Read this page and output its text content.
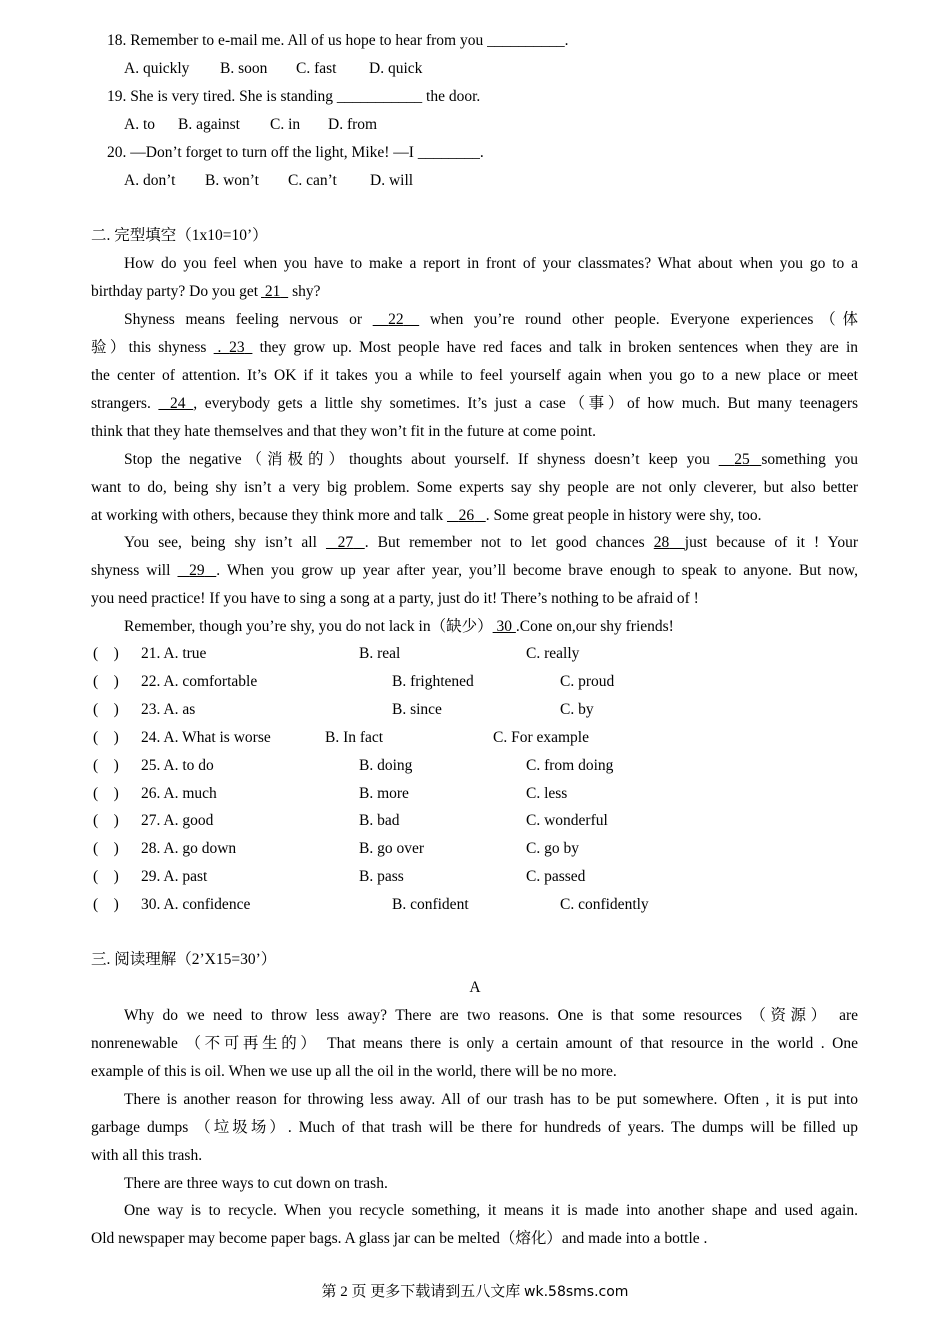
18. Remember to e-mail me. All of us hope to hear from you __________.
A. quickly B. soon C. fast D. quick
19. She is very tired. She is standing ___________ the door.
A. to B. against C. in D. from
20. —Don’t forget to turn off the light, Mike! —I ________.
A. don’t B. won’t C. can’t D. will
二. 完型填空（1x10=10’）
How do you feel when you have to make a report in front of your classmates? What about when you go to a
birthday party? Do you get 21 shy?
Shyness means feeling nervous or 22 when you’re round other people. Everyone experiences（体
验）this shyness  .  23 they grow up. Most people have red faces and talk in broken sentences when they are in
the center of attention. It’s OK if it takes you a while to feel yourself again when you go to a new place or meet
strangers. 24 , everybody gets a little shy sometimes. It’s just a case（事）of how much. But many teenagers
think that they hate themselves and that they won’t fit in the future at come point.
Stop the negative（消极的）thoughts about yourself. If shyness doesn’t keep you 25 something you
want to do, being shy isn’t a very big problem. Some experts say shy people are not only cleverer, but also better
at working with others, because they think more and talk 26 . Some great people in history were shy, too.
You see, being shy isn’t all 27 . But remember not to let good chances 28 just because of it ! Your
shyness will 29 . When you grow up year after year, you’ll become brave enough to speak to anyone. But now,
you need practice! If you have to sing a song at a party, just do it! There’s nothing to be afraid of !
Remember, though you’re shy, you do not lack in（缺少） 30 .Cone on,our shy friends!
(　) 21. A. true	B. real	C. really
(　) 22. A. comfortable	B. frightened	C. proud
(　) 23. A. as	B. since	C. by
(　) 24. A. What is worse	B. In fact	C. For example
(　) 25. A. to do	B. doing	C. from doing
(　) 26. A. much	B. more	C. less
(　) 27. A. good	B. bad	C. wonderful
(　) 28. A. go down	B. go over	C. go by
(　) 29. A. past	B. pass	C. passed
(　) 30. A. confidence	B. confident	C. confidently
三. 阅读理解（2’X15=30’）
A
Why do we need to throw less away? There are two reasons. One is that some resources （资源） are
nonrenewable （不可再生的） That means there is only a certain amount of that resource in the world . One
example of this is oil. When we use up all the oil in the world, there will be no more.
There is another reason for throwing less away. All of our trash has to be put somewhere. Often , it is put into
garbage dumps （垃圾场）. Much of that trash will be there for hundreds of years. The dumps will be filled up
with all this trash.
There are three ways to cut down on trash.
One way is to recycle. When you recycle something, it means it is made into another shape and used again.
Old newspaper may become paper bags. A glass jar can be melted（熔化）and made into a bottle .
第 2 页 更多下载请到五八文库 wk.58sms.com
